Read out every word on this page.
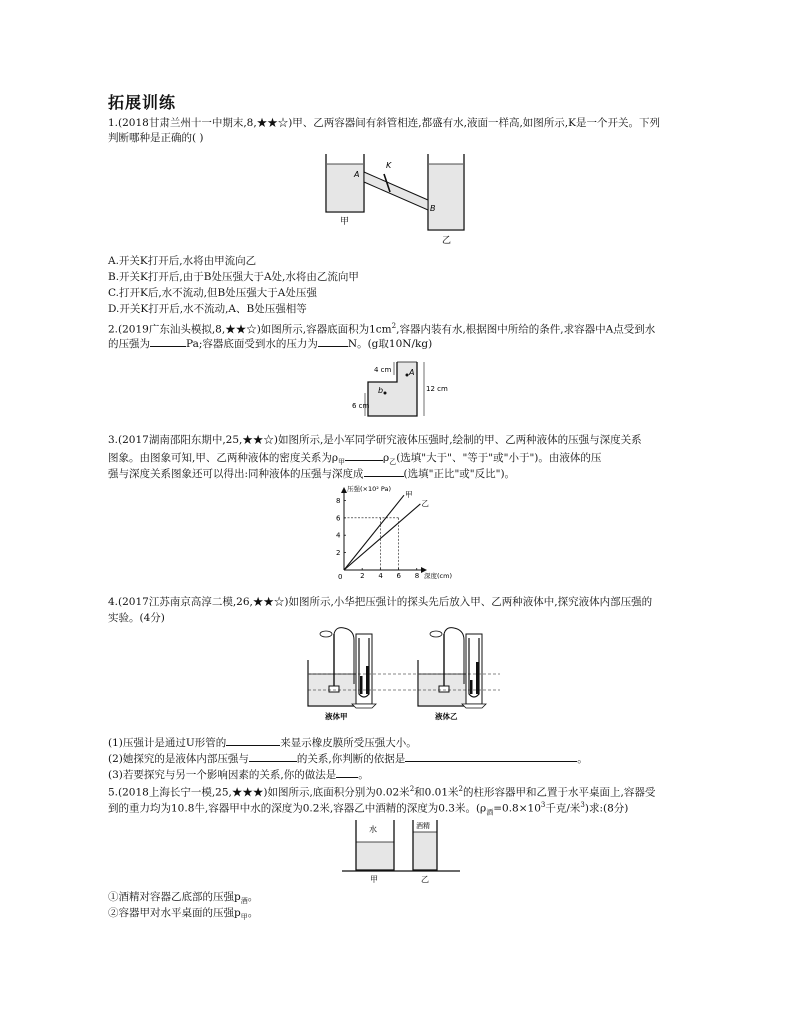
拓展训练
1.(2018甘肃兰州十一中期末,8,★★☆)甲、乙两容器间有斜管相连,都盛有水,液面一样高,如图所示,K是一个开关。下列
判断哪种是正确的( )
K
A
B
甲
乙
A.开关K打开后,水将由甲流向乙
B.开关K打开后,由于B处压强大于A处,水将由乙流向甲
C.打开K后,水不流动,但B处压强大于A处压强
D.开关K打开后,水不流动,A、B处压强相等
2.(2019广东汕头模拟,8,★★☆)如图所示,容器底面积为$1cm^2$,容器内装有水,根据图中所给的条件,求容器中A点受到水
的压强为	Pa;容器底面受到水的压力为	N。(g取10N/kg)
4 cm
6 cm
12 cm
A
b
3.(2017湖南邵阳东期中,25,★★☆)如图所示,是小军同学研究液体压强时,绘制的甲、乙两种液体的压强与深度关系
图象。由图象可知,甲、乙两种液体的密度关系为$\rho_甲$	$\rho_乙$(选填"大于"、"等于"或"小于")。由液体的压
强与深度关系图象还可以得出:同种液体的压强与深度成	(选填"正比"或"反比")。
甲
乙
2 4 6 8
2
4
6
8
0
压强(×10² Pa)
深度(cm)
4.(2017江苏南京高淳二模,26,★★☆)如图所示,小华把压强计的探头先后放入甲、乙两种液体中,探究液体内部压强的
实验。(4分)
液体甲	液体乙
(1)压强计是通过U形管的	来显示橡皮膜所受压强大小。
(2)她探究的是液体内部压强与	的关系,你判断的依据是	。
(3)若要探究与另一个影响因素的关系,你的做法是 。
5.(2018上海长宁一模,25,★★★)如图所示,底面积分别为0.02米$^2$和0.01米$^2$的柱形容器甲和乙置于水平桌面上,容器受
到的重力均为10.8牛,容器甲中水的深度为0.2米,容器乙中酒精的深度为0.3米。($\rho_酒=0.8\times 10^3$千克/米$^3$)求:(8分)
水	酒精
甲	乙
①酒精对容器乙底部的压强$p_酒$。
②容器甲对水平桌面的压强$p_甲$。
